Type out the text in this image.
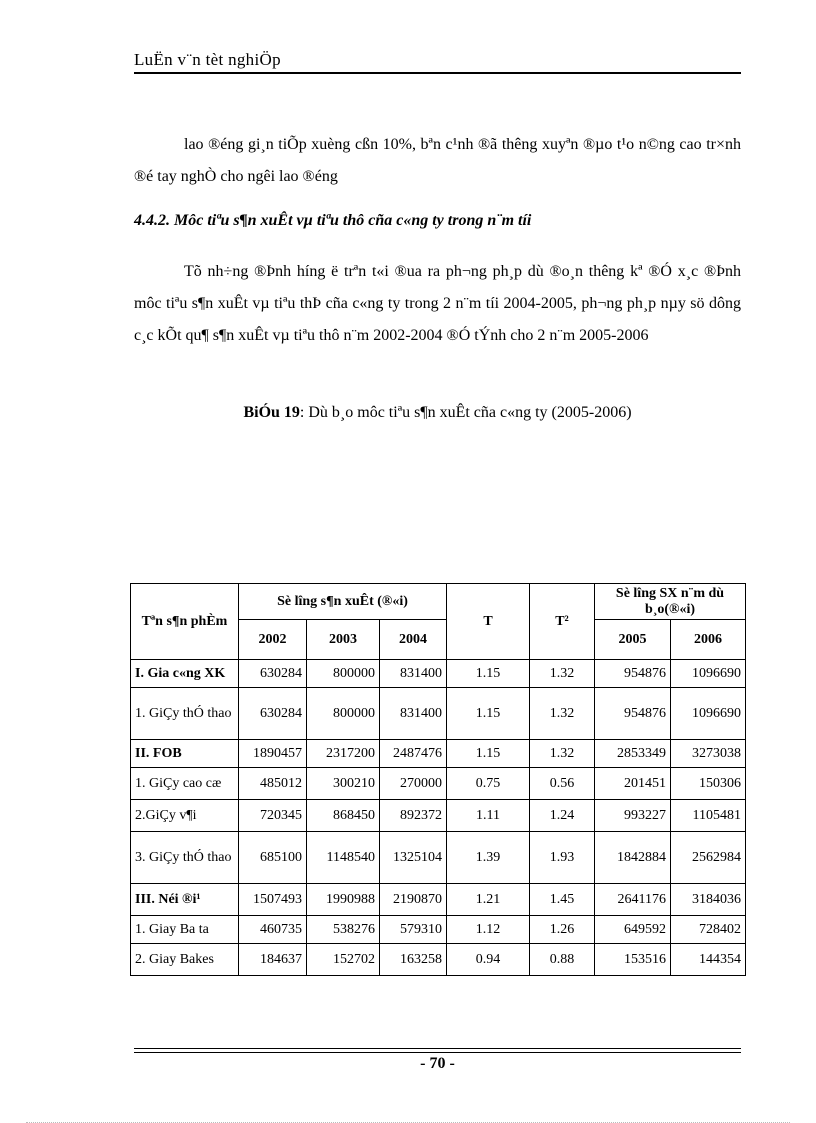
LuËn v¨n tèt nghiÖp
lao ®éng gi¸n tiÕp xuèng cßn 10%, bªn c¹nh ®ã thêng xuyªn ®µo t¹o n©ng cao tr×nh ®é tay nghÒ cho ngêi lao ®éng
4.4.2. Môc tiªu s¶n xuÊt vµ tiªu thô cña c«ng ty trong n¨m tíi
Tõ nh÷ng ®Þnh híng ë trªn t«i ®ua ra ph¬ng ph¸p dù ®o¸n thêng kª ®Ó x¸c ®Þnh môc tiªu s¶n xuÊt vµ tiªu thÞ cña c«ng ty trong 2 n¨m tíi 2004-2005, ph¬ng ph¸p nµy sö dông c¸c kÕt qu¶ s¶n xuÊt vµ tiªu thô n¨m 2002-2004 ®Ó tÝnh cho 2 n¨m 2005-2006
BiÓu 19: Dù b¸o môc tiªu s¶n xuÊt cña c«ng ty (2005-2006)
Tªn s¶n phÈm	Sè lîng s¶n xuÊt (®«i)			T	T²	Sè lîng SX n¨m dù b¸o(®«i)	
	2002	2003	2004			2005	2006
I. Gia c«ng XK	630284	800000	831400	1.15	1.32	954876	1096690
1. GiÇy thÓ thao	630284	800000	831400	1.15	1.32	954876	1096690
II. FOB	1890457	2317200	2487476	1.15	1.32	2853349	3273038
1. GiÇy cao cæ	485012	300210	270000	0.75	0.56	201451	150306
2.GiÇy v¶i	720345	868450	892372	1.11	1.24	993227	1105481
3. GiÇy thÓ thao	685100	1148540	1325104	1.39	1.93	1842884	2562984
III. Néi ®i¹	1507493	1990988	2190870	1.21	1.45	2641176	3184036
1. Giay Ba ta	460735	538276	579310	1.12	1.26	649592	728402
2. Giay Bakes	184637	152702	163258	0.94	0.88	153516	144354
- 70 -
